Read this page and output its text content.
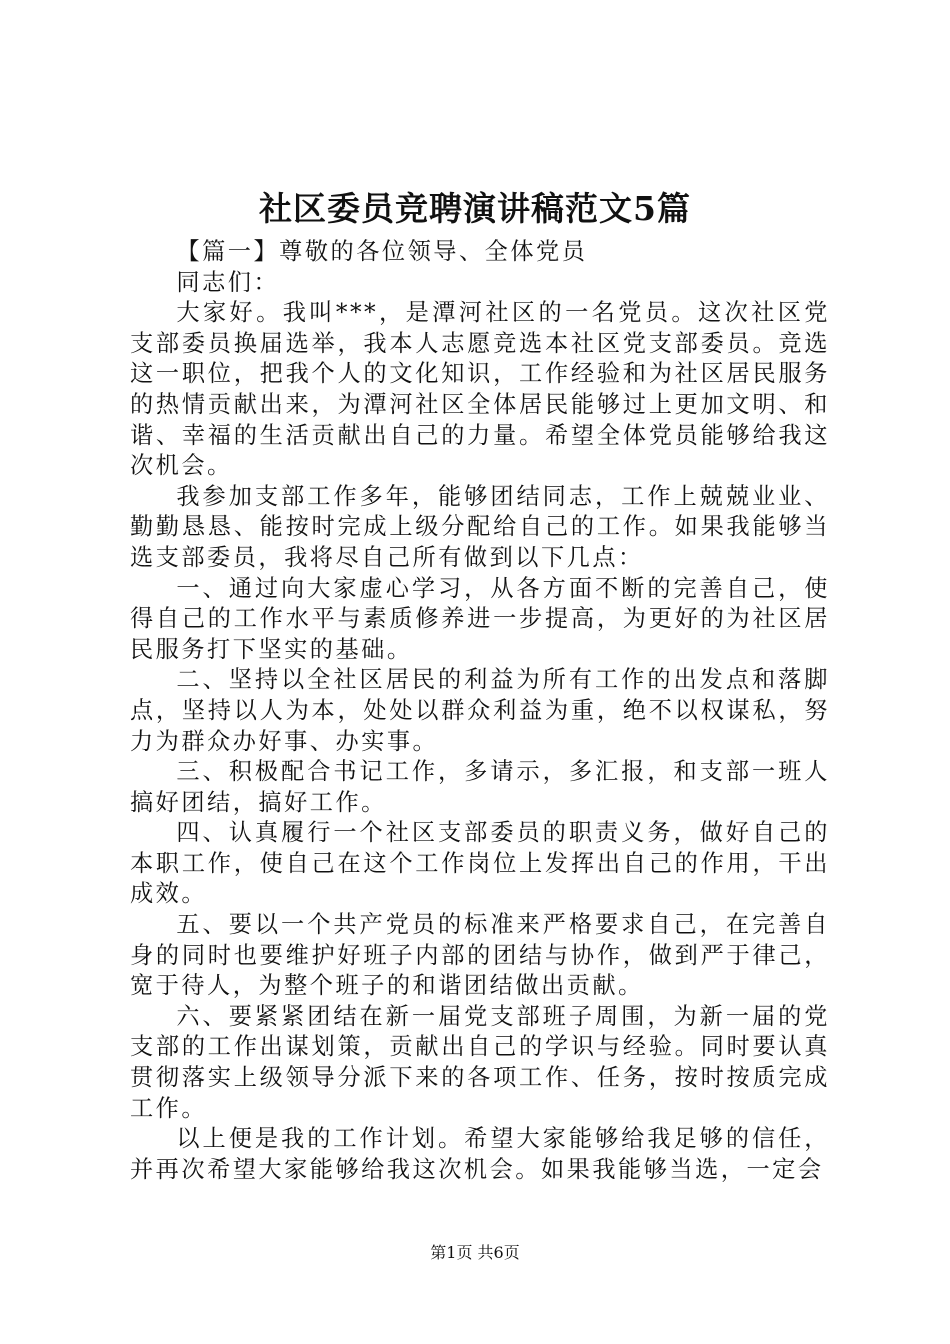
社区委员竞聘演讲稿范文5篇

【篇一】尊敬的各位领导、全体党员

同志们：

大家好。我叫***，是潭河社区的一名党员。这次社区党支部委员换届选举，我本人志愿竞选本社区党支部委员。竞选这一职位，把我个人的文化知识，工作经验和为社区居民服务的热情贡献出来，为潭河社区全体居民能够过上更加文明、和谐、幸福的生活贡献出自己的力量。希望全体党员能够给我这次机会。

我参加支部工作多年，能够团结同志，工作上兢兢业业、勤勤恳恳、能按时完成上级分配给自己的工作。如果我能够当选支部委员，我将尽自己所有做到以下几点：

一、通过向大家虚心学习，从各方面不断的完善自己，使得自己的工作水平与素质修养进一步提高，为更好的为社区居民服务打下坚实的基础。

二、坚持以全社区居民的利益为所有工作的出发点和落脚点，坚持以人为本，处处以群众利益为重，绝不以权谋私，努力为群众办好事、办实事。

三、积极配合书记工作，多请示，多汇报，和支部一班人搞好团结，搞好工作。

四、认真履行一个社区支部委员的职责义务，做好自己的本职工作，使自己在这个工作岗位上发挥出自己的作用，干出成效。

五、要以一个共产党员的标准来严格要求自己，在完善自身的同时也要维护好班子内部的团结与协作，做到严于律己，宽于待人，为整个班子的和谐团结做出贡献。

六、要紧紧团结在新一届党支部班子周围，为新一届的党支部的工作出谋划策，贡献出自己的学识与经验。同时要认真贯彻落实上级领导分派下来的各项工作、任务，按时按质完成工作。

以上便是我的工作计划。希望大家能够给我足够的信任，并再次希望大家能够给我这次机会。如果我能够当选，一定会

第1页 共6页
